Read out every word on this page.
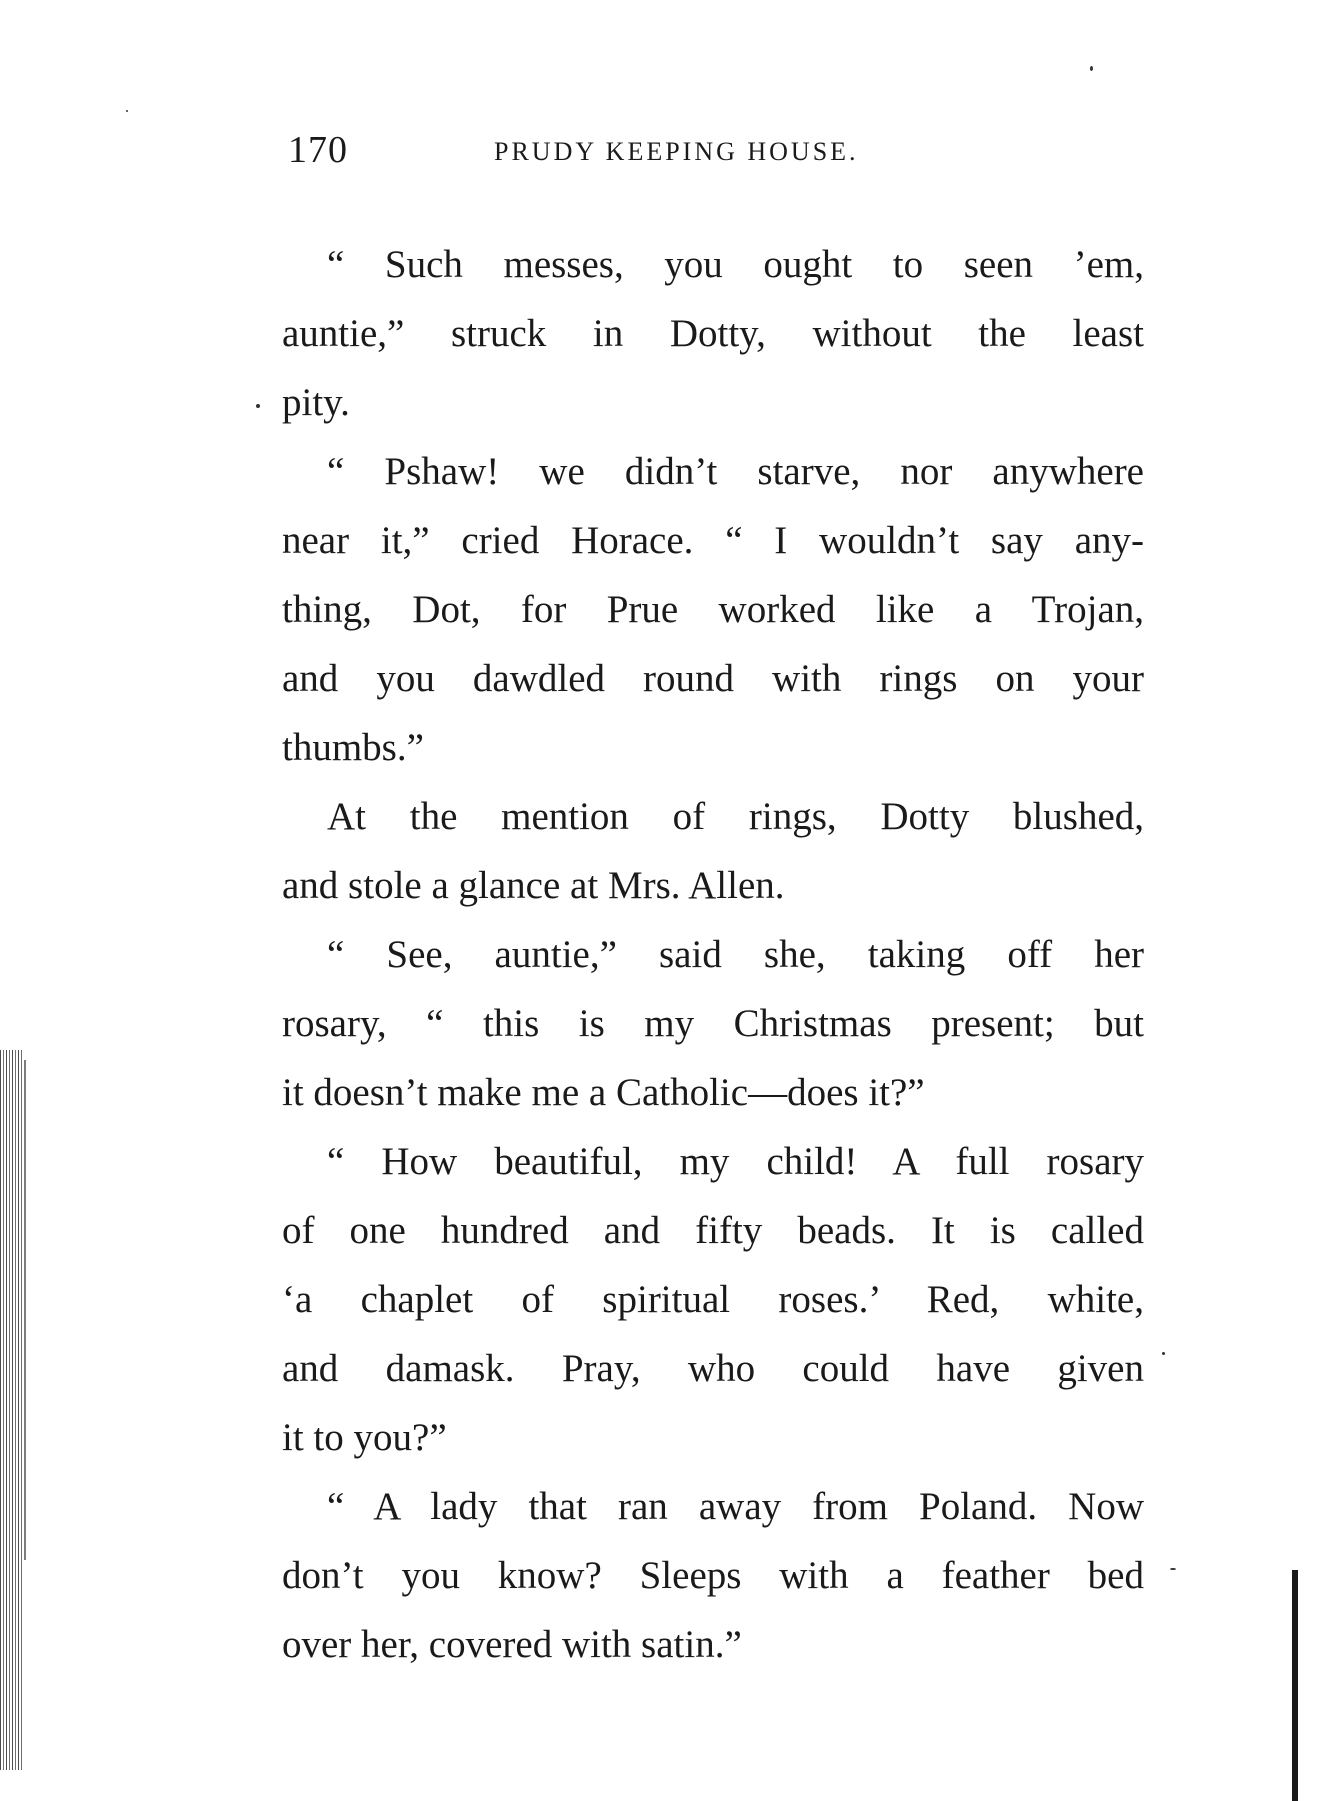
170	PRUDY KEEPING HOUSE.
“ Such messes, you ought to seen ’em,
auntie,” struck in Dotty, without the least
pity.
“ Pshaw! we didn’t starve, nor anywhere
near it,” cried Horace. “ I wouldn’t say any-
thing, Dot, for Prue worked like a Trojan,
and you dawdled round with rings on your
thumbs.”
At the mention of rings, Dotty blushed,
and stole a glance at Mrs. Allen.
“ See, auntie,” said she, taking off her
rosary, “ this is my Christmas present; but
it doesn’t make me a Catholic—does it?”
“ How beautiful, my child! A full rosary
of one hundred and fifty beads. It is called
‘a chaplet of spiritual roses.’ Red, white,
and damask. Pray, who could have given
it to you?”
“ A lady that ran away from Poland. Now
don’t you know? Sleeps with a feather bed
over her, covered with satin.”
